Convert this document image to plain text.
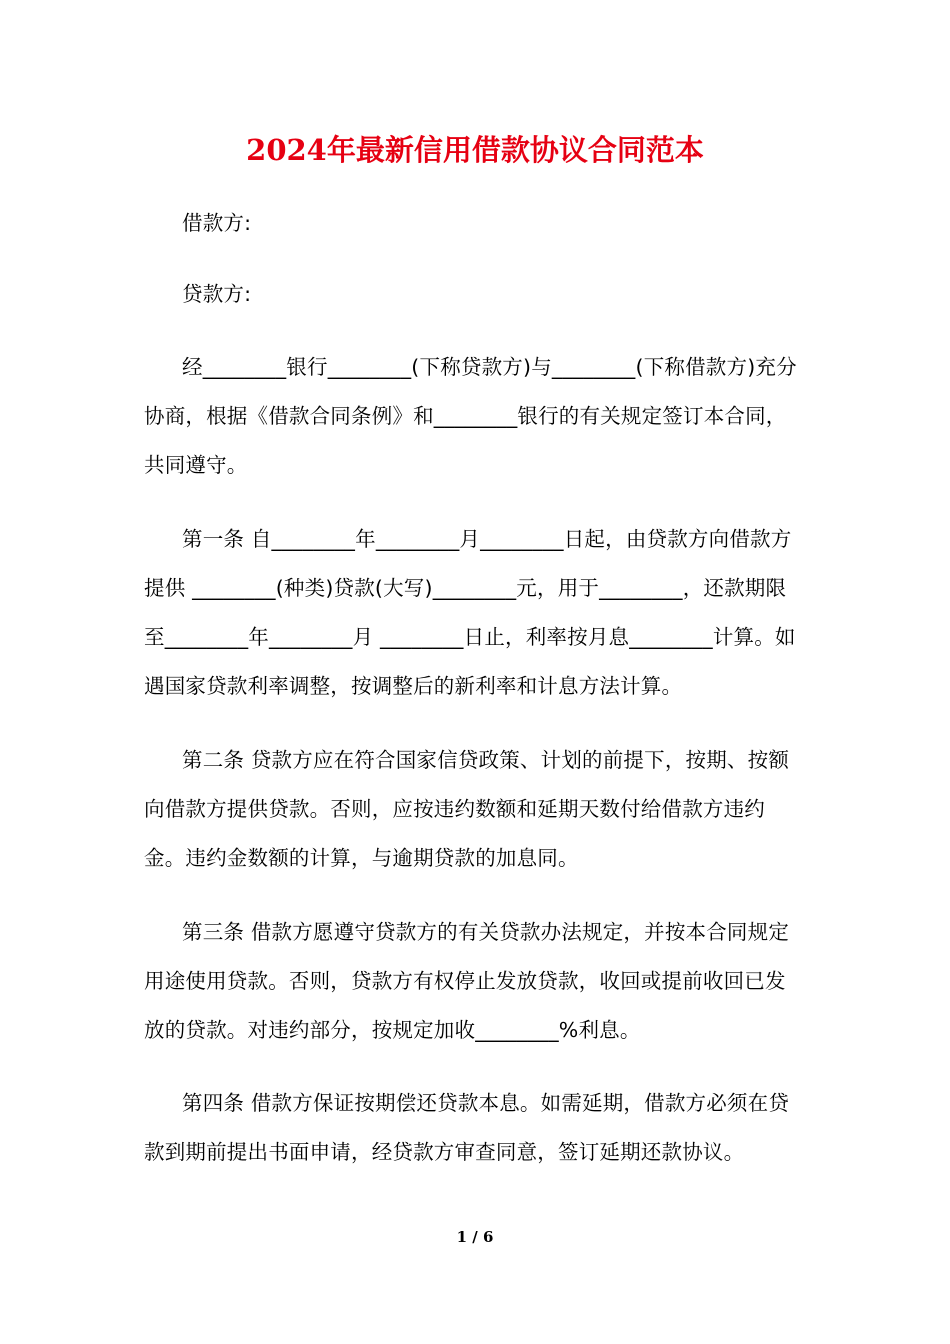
2024年最新信用借款协议合同范本

借款方:

贷款方:

经________银行________(下称贷款方)与________(下称借款方)充分协商，根据《借款合同条例》和________银行的有关规定签订本合同，共同遵守。

第一条 自________年________月________日起，由贷款方向借款方提供 ________(种类)贷款(大写)________元，用于________，还款期限至________年________月 ________日止，利率按月息________计算。如遇国家贷款利率调整，按调整后的新利率和计息方法计算。

第二条 贷款方应在符合国家信贷政策、计划的前提下，按期、按额向借款方提供贷款。否则，应按违约数额和延期天数付给借款方违约金。违约金数额的计算，与逾期贷款的加息同。

第三条 借款方愿遵守贷款方的有关贷款办法规定，并按本合同规定用途使用贷款。否则，贷款方有权停止发放贷款，收回或提前收回已发放的贷款。对违约部分，按规定加收________%利息。

第四条 借款方保证按期偿还贷款本息。如需延期，借款方必须在贷款到期前提出书面申请，经贷款方审查同意，签订延期还款协议。

1 / 6
